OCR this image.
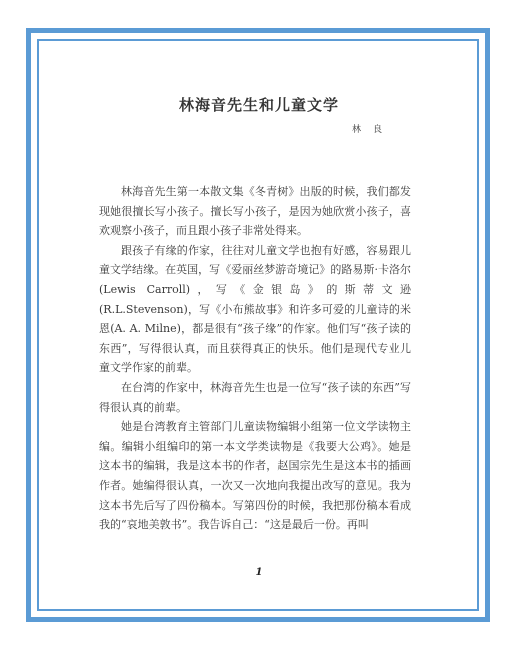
林海音先生和儿童文学
林良

林海音先生第一本散文集《冬青树》出版的时候，我们都发现她很擅长写小孩子。擅长写小孩子，是因为她欣赏小孩子，喜欢观察小孩子，而且跟小孩子非常处得来。

跟孩子有缘的作家，往往对儿童文学也抱有好感，容易跟儿童文学结缘。在英国，写《爱丽丝梦游奇境记》的路易斯·卡洛尔(Lewis Carroll)，写《金银岛》的斯蒂文逊(R.L.Stevenson)，写《小布熊故事》和许多可爱的儿童诗的米恩(A. A. Milne)，都是很有“孩子缘”的作家。他们写“孩子读的东西”，写得很认真，而且获得真正的快乐。他们是现代专业儿童文学作家的前辈。

在台湾的作家中，林海音先生也是一位写“孩子读的东西”写得很认真的前辈。

她是台湾教育主管部门儿童读物编辑小组第一位文学读物主编。编辑小组编印的第一本文学类读物是《我要大公鸡》。她是这本书的编辑，我是这本书的作者，赵国宗先生是这本书的插画作者。她编得很认真，一次又一次地向我提出改写的意见。我为这本书先后写了四份稿本。写第四份的时候，我把那份稿本看成我的“哀地美敦书”。我告诉自己：“这是最后一份。再叫

1
